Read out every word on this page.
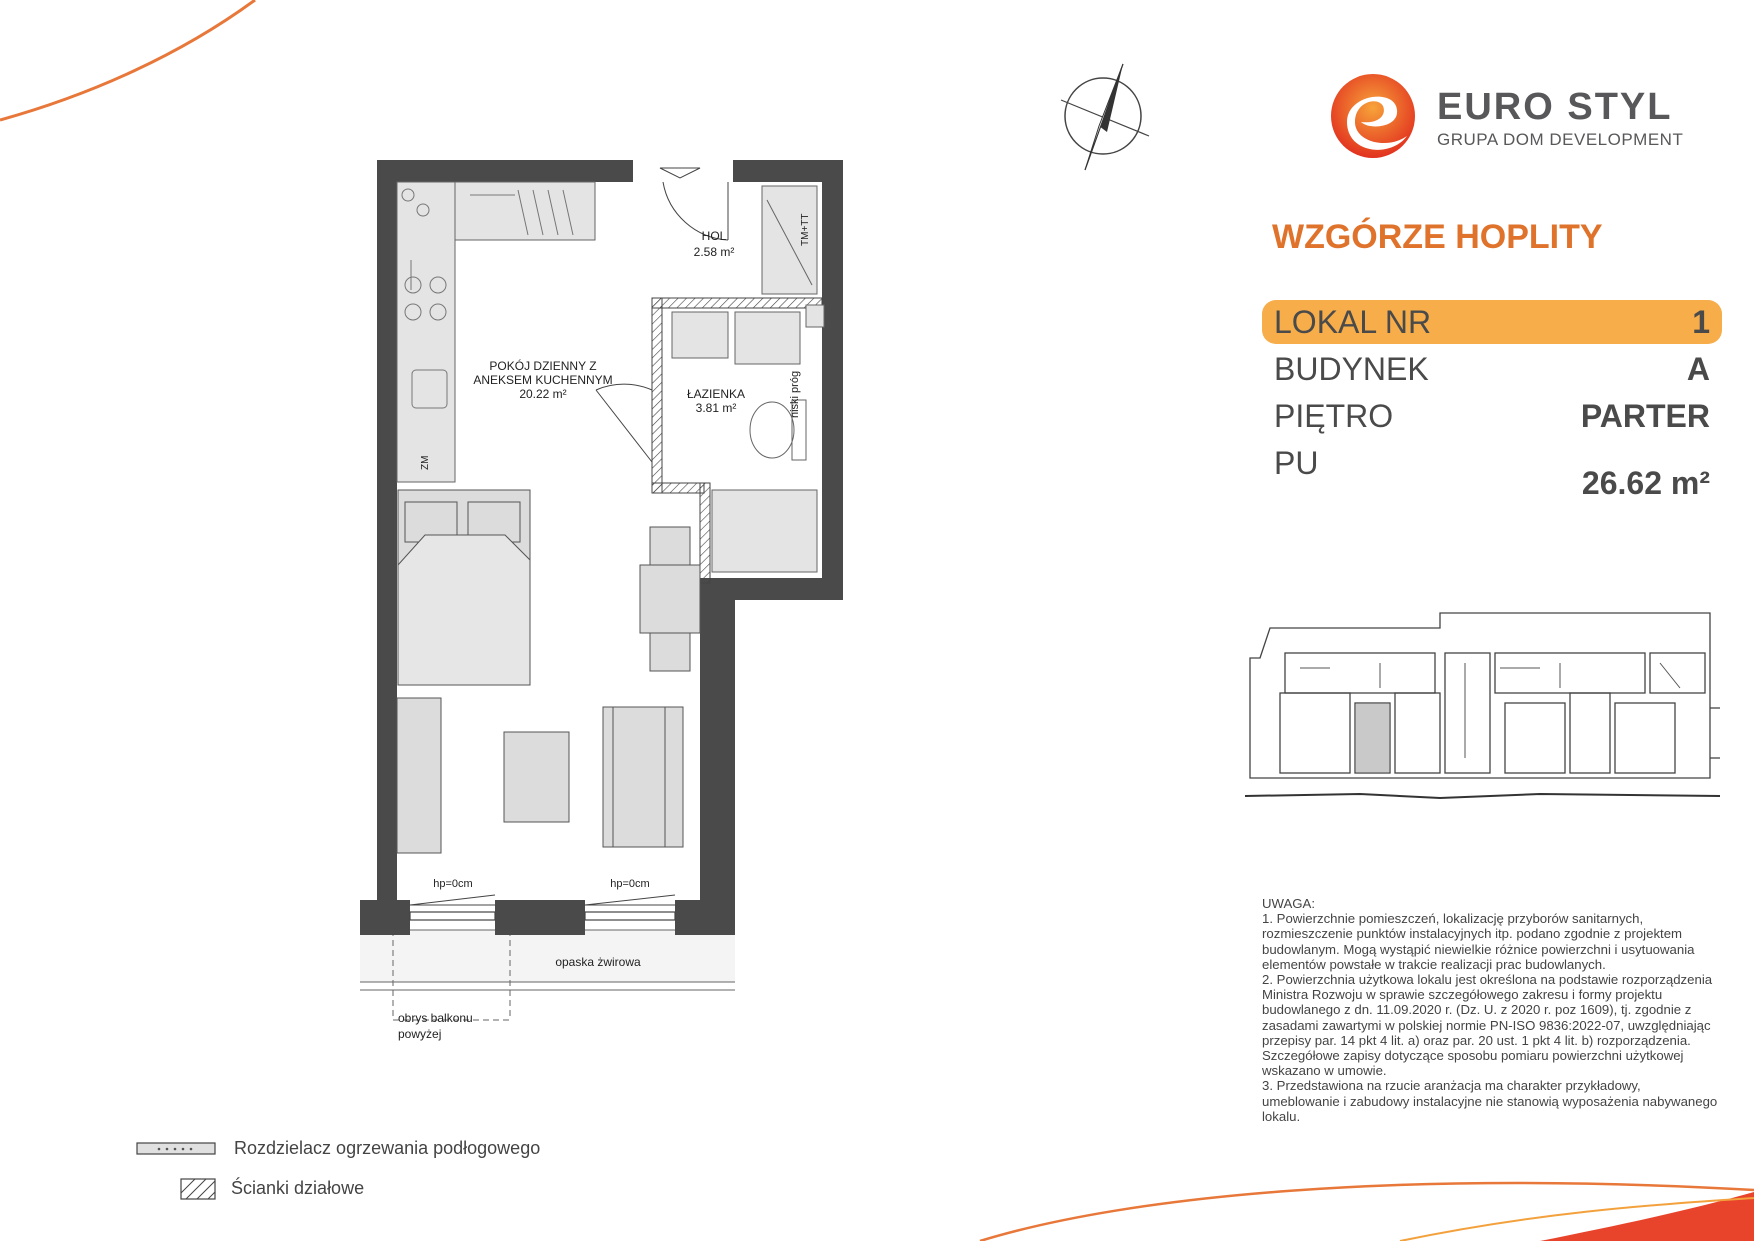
EURO STYL
GRUPA DOM DEVELOPMENT
WZGÓRZE HOPLITY
LOKAL NR	1
BUDYNEK	A
PIĘTRO	PARTER
PU
26.62 m²
HOL
2.58 m²
POKÓJ DZIENNY Z
ANEKSEM KUCHENNYM
20.22 m²	ŁAZIENKA
3.81 m²
hp=0cm	hp=0cm
opaska żwirowa
obrys balkonu
powyżej
niski próg
TM+TT
ZM

UWAGA:

1. Powierzchnie pomieszczeń, lokalizację przyborów sanitarnych, rozmieszczenie punktów instalacyjnych itp. podano zgodnie z projektem budowlanym. Mogą wystąpić niewielkie różnice powierzchni i usytuowania elementów powstałe w trakcie realizacji prac budowlanych.

2. Powierzchnia użytkowa lokalu jest określona na podstawie rozporządzenia Ministra Rozwoju w sprawie szczegółowego zakresu i formy projektu budowlanego z dn. 11.09.2020 r. (Dz. U. z 2020 r. poz 1609), tj. zgodnie z zasadami zawartymi w polskiej normie PN-ISO 9836:2022-07, uwzględniając przepisy par. 14 pkt 4 lit. a) oraz par. 20 ust. 1 pkt 4 lit. b) rozporządzenia. Szczegółowe zapisy dotyczące sposobu pomiaru powierzchni użytkowej wskazano w umowie.

3. Przedstawiona na rzucie aranżacja ma charakter przykładowy, umeblowanie i zabudowy instalacyjne nie stanowią wyposażenia nabywanego lokalu.

Rozdzielacz ogrzewania podłogowego
Ścianki działowe
